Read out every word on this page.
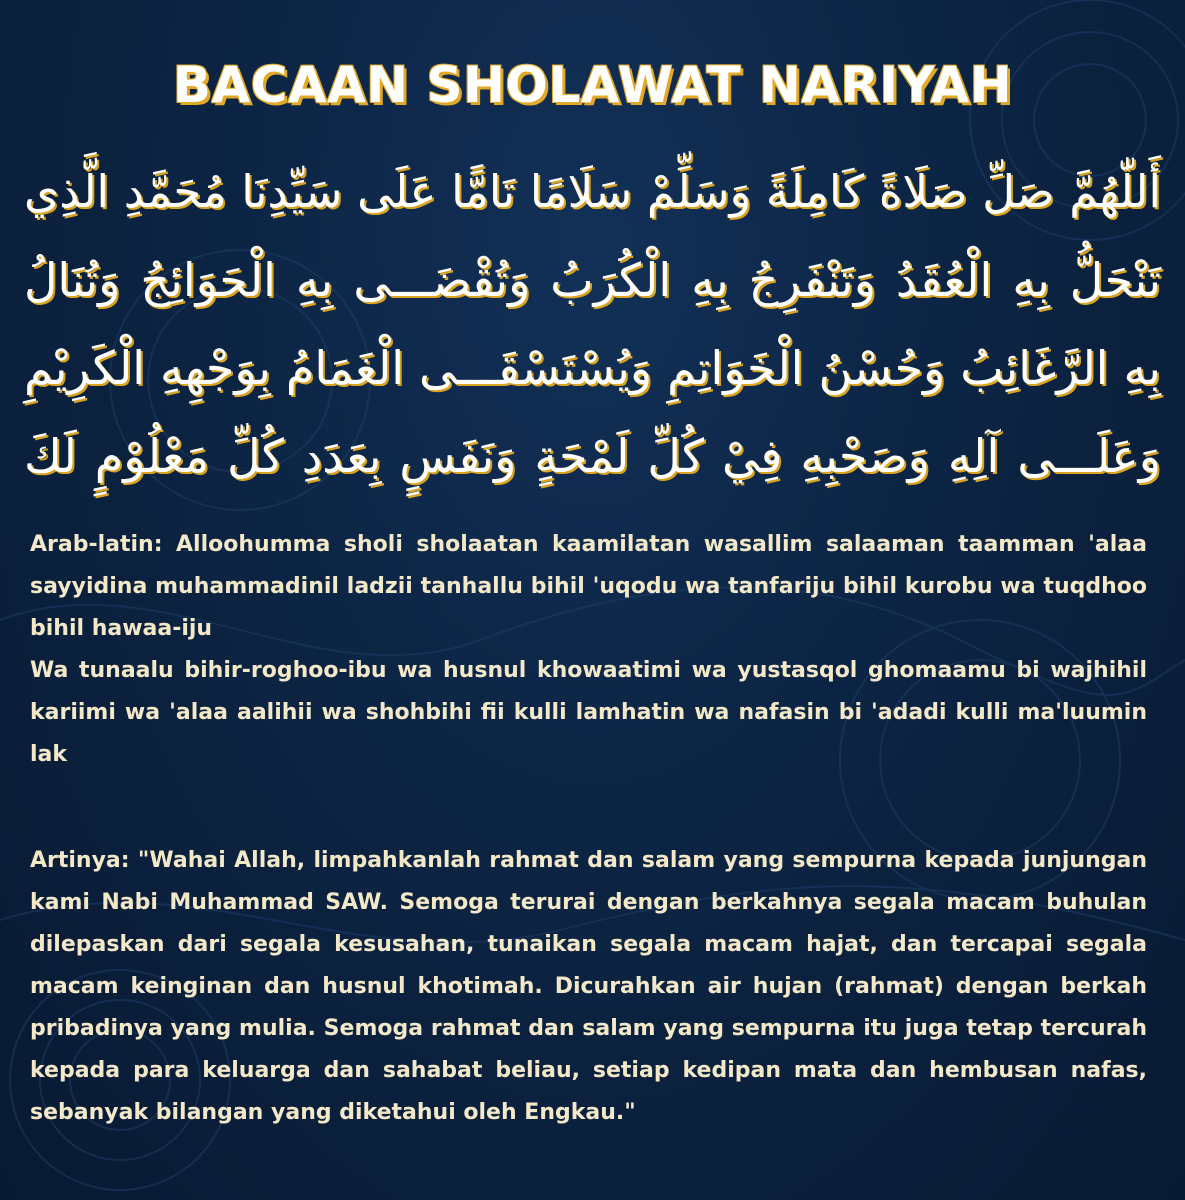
BACAAN SHOLAWAT NARIYAH
أَللّٰهُمَّ صَلِّ صَلَاةً كَامِلَةً وَسَلِّمْ سَلَامًا تَامًّا عَلَى سَيِّدِنَا مُحَمَّدِ الَّذِي
تَنْحَلُّ بِهِ الْعُقَدُ وَتَنْفَرِجُ بِهِ الْكُرَبُ وَتُقْضَـــى بِهِ الْحَوَائِجُ وَتُنَالُ
بِهِ الرَّغَائِبُ وَحُسْنُ الْخَوَاتِمِ وَيُسْتَسْقَـــى الْغَمَامُ بِوَجْهِهِ الْكَرِيْمِ
وَعَلَـــى آلِهِ وَصَحْبِهِ فِيْ كُلِّ لَمْحَةٍ وَنَفَسٍ بِعَدَدِ كُلِّ مَعْلُوْمٍ لَكَ

Arab-latin: Alloohumma sholi sholaatan kaamilatan wasallim salaaman taamman 'alaa sayyidina muhammadinil ladzii tanhallu bihil 'uqodu wa tanfariju bihil kurobu wa tuqdhoo bihil hawaa-iju

Wa tunaalu bihir-roghoo-ibu wa husnul khowaatimi wa yustasqol ghomaamu bi wajhihil kariimi wa 'alaa aalihii wa shohbihi fii kulli lamhatin wa nafasin bi 'adadi kulli ma'luumin lak

Artinya: "Wahai Allah, limpahkanlah rahmat dan salam yang sempurna kepada junjungan kami Nabi Muhammad SAW. Semoga terurai dengan berkahnya segala macam buhulan dilepaskan dari segala kesusahan, tunaikan segala macam hajat, dan tercapai segala macam keinginan dan husnul khotimah. Dicurahkan air hujan (rahmat) dengan berkah pribadinya yang mulia. Semoga rahmat dan salam yang sempurna itu juga tetap tercurah kepada para keluarga dan sahabat beliau, setiap kedipan mata dan hembusan nafas, sebanyak bilangan yang diketahui oleh Engkau."
